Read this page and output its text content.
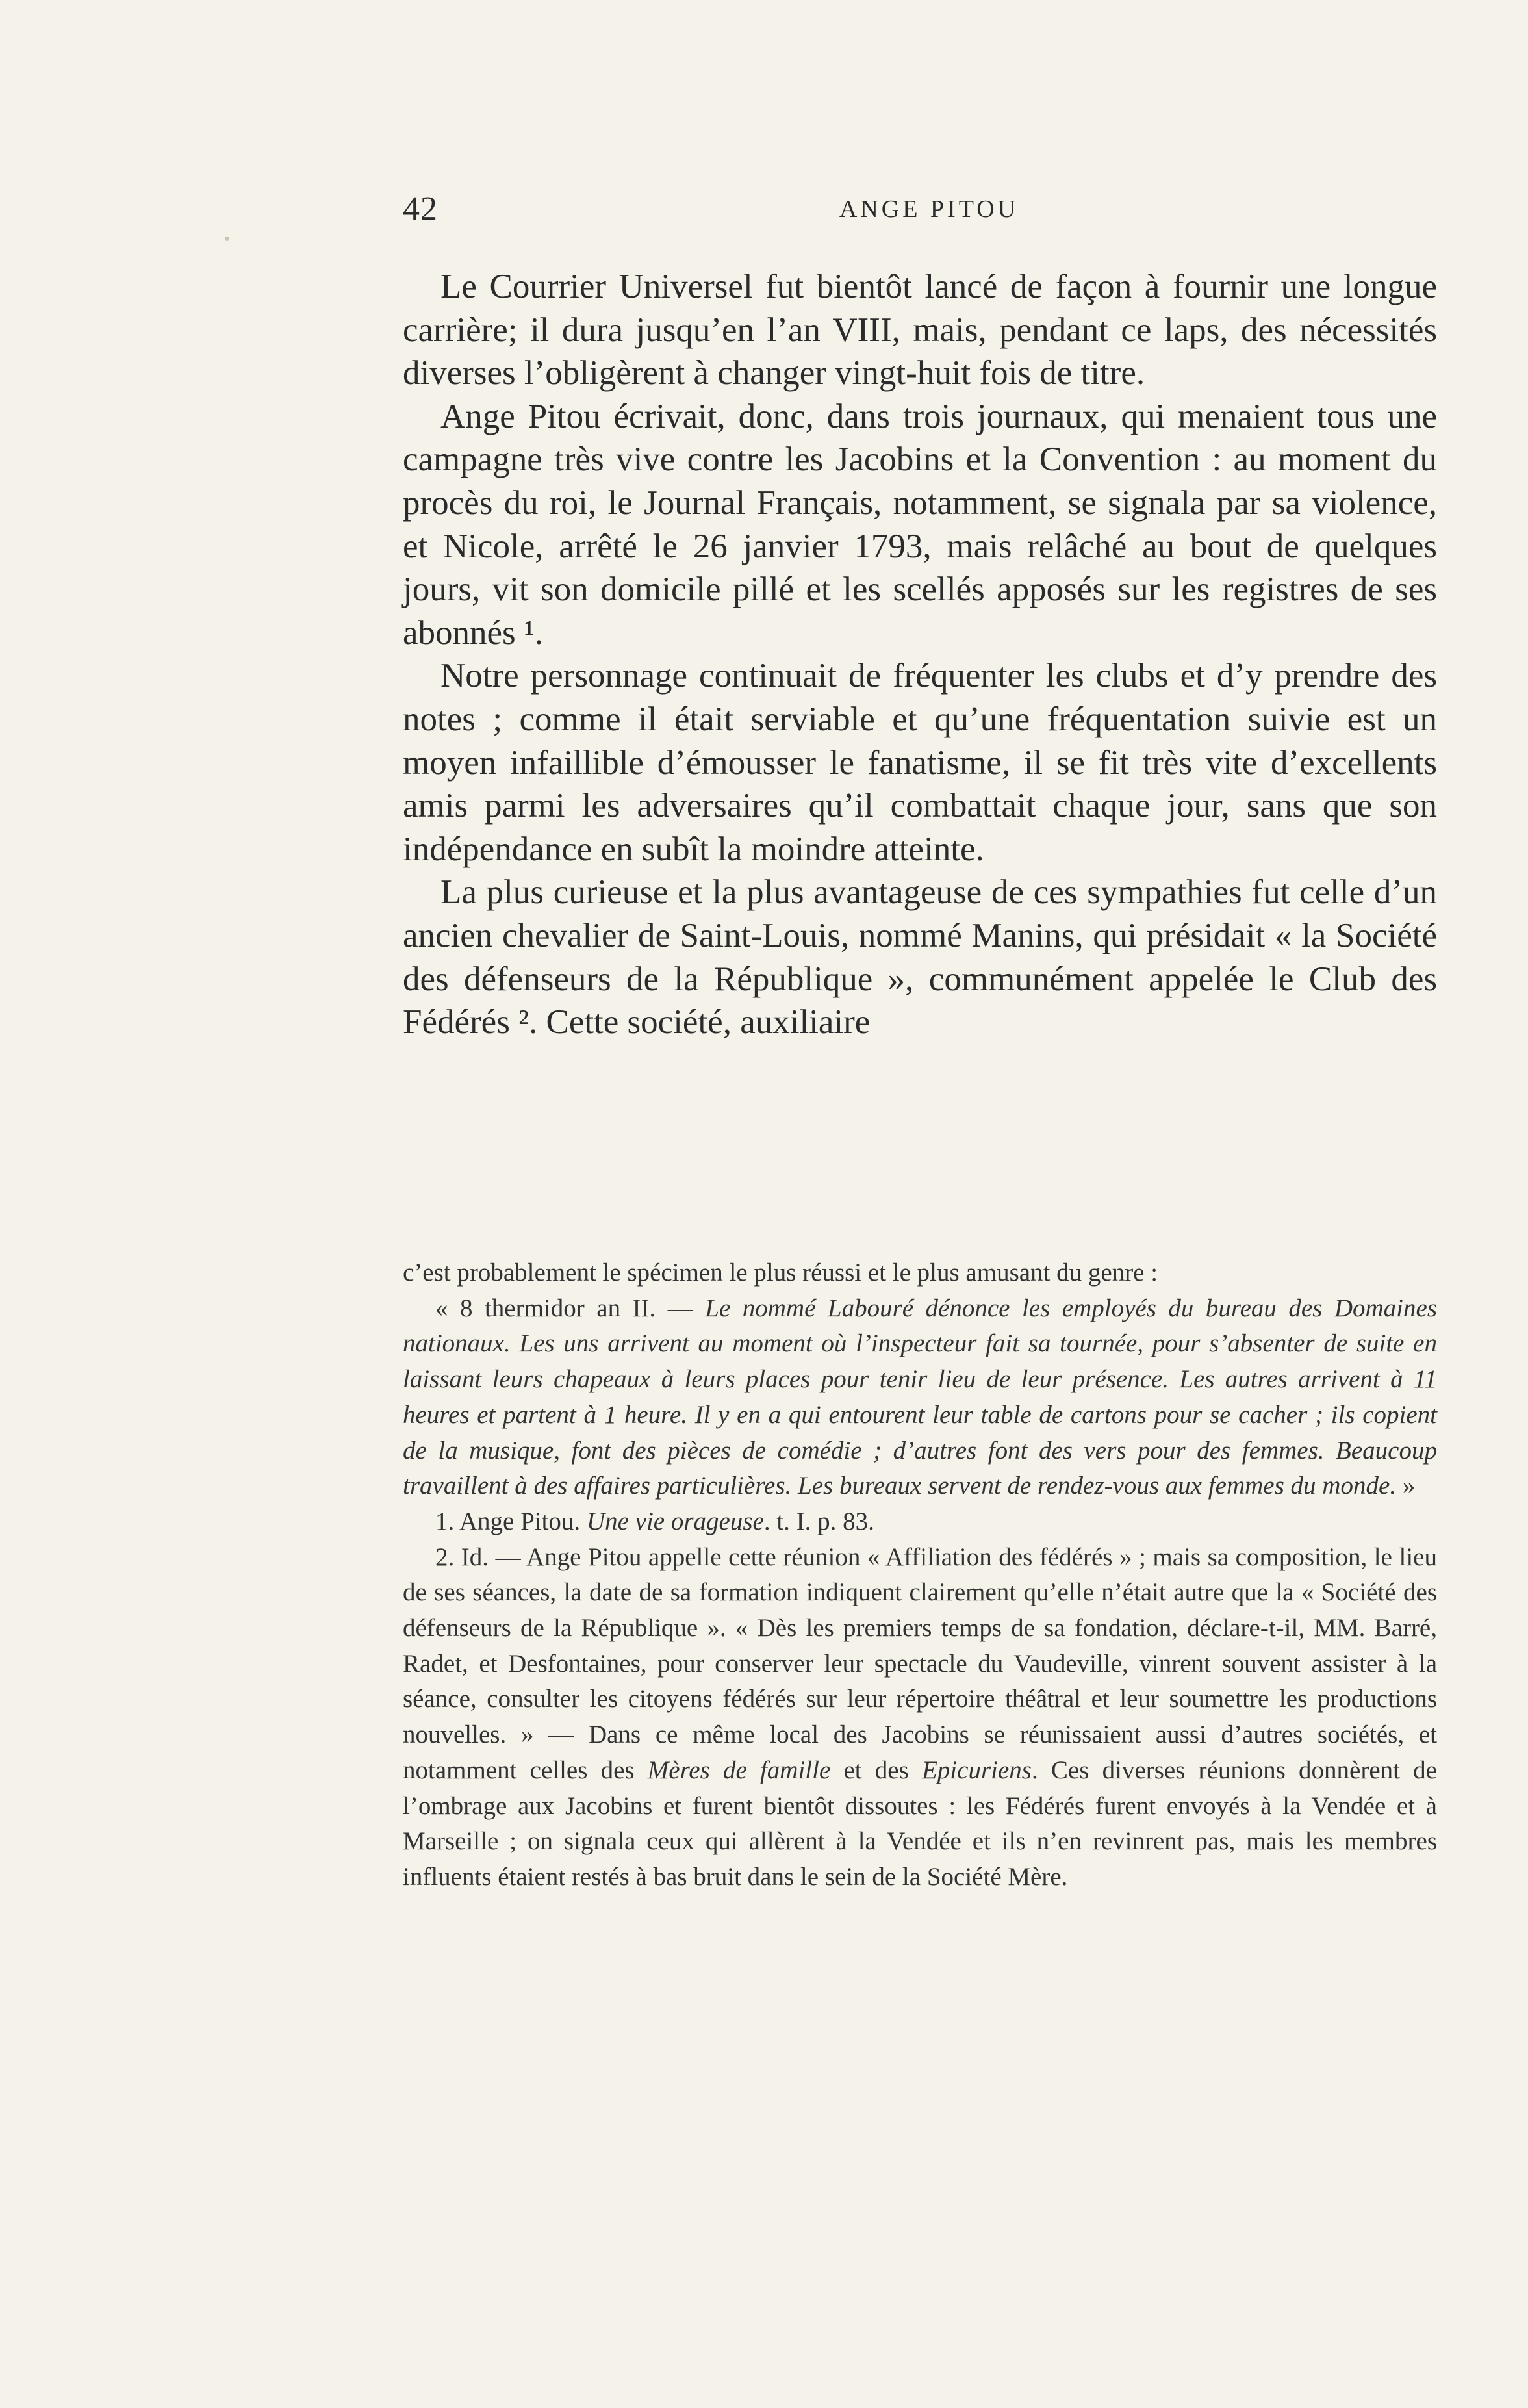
42	ANGE PITOU

Le Courrier Universel fut bientôt lancé de façon à fournir une longue carrière; il dura jusqu’en l’an VIII, mais, pendant ce laps, des nécessités diverses l’obligèrent à changer vingt-huit fois de titre.

Ange Pitou écrivait, donc, dans trois journaux, qui menaient tous une campagne très vive contre les Jacobins et la Convention : au moment du procès du roi, le Journal Français, notamment, se signala par sa violence, et Nicole, arrêté le 26 janvier 1793, mais relâché au bout de quelques jours, vit son domicile pillé et les scellés apposés sur les registres de ses abonnés ¹.

Notre personnage continuait de fréquenter les clubs et d’y prendre des notes ; comme il était serviable et qu’une fréquentation suivie est un moyen infaillible d’émousser le fanatisme, il se fit très vite d’excellents amis parmi les adversaires qu’il combattait chaque jour, sans que son indépendance en subît la moindre atteinte.

La plus curieuse et la plus avantageuse de ces sympathies fut celle d’un ancien chevalier de Saint-Louis, nommé Manins, qui présidait « la Société des défenseurs de la République », communément appelée le Club des Fédérés ². Cette société, auxiliaire

c’est probablement le spécimen le plus réussi et le plus amusant du genre :

« 8 thermidor an II. — Le nommé Labouré dénonce les employés du bureau des Domaines nationaux. Les uns arrivent au moment où l’inspecteur fait sa tournée, pour s’absenter de suite en laissant leurs chapeaux à leurs places pour tenir lieu de leur présence. Les autres arrivent à 11 heures et partent à 1 heure. Il y en a qui entourent leur table de cartons pour se cacher ; ils copient de la musique, font des pièces de comédie ; d’autres font des vers pour des femmes. Beaucoup travaillent à des affaires particulières. Les bureaux servent de rendez-vous aux femmes du monde. »

1. Ange Pitou. Une vie orageuse. t. I. p. 83.

2. Id. — Ange Pitou appelle cette réunion « Affiliation des fédérés » ; mais sa composition, le lieu de ses séances, la date de sa formation indiquent clairement qu’elle n’était autre que la « Société des défenseurs de la République ». « Dès les premiers temps de sa fondation, déclare-t-il, MM. Barré, Radet, et Desfontaines, pour conserver leur spectacle du Vaudeville, vinrent souvent assister à la séance, consulter les citoyens fédérés sur leur répertoire théâtral et leur soumettre les productions nouvelles. » — Dans ce même local des Jacobins se réunissaient aussi d’autres sociétés, et notamment celles des Mères de famille et des Epicuriens. Ces diverses réunions donnèrent de l’ombrage aux Jacobins et furent bientôt dissoutes : les Fédérés furent envoyés à la Vendée et à Marseille ; on signala ceux qui allèrent à la Vendée et ils n’en revinrent pas, mais les membres influents étaient restés à bas bruit dans le sein de la Société Mère.
